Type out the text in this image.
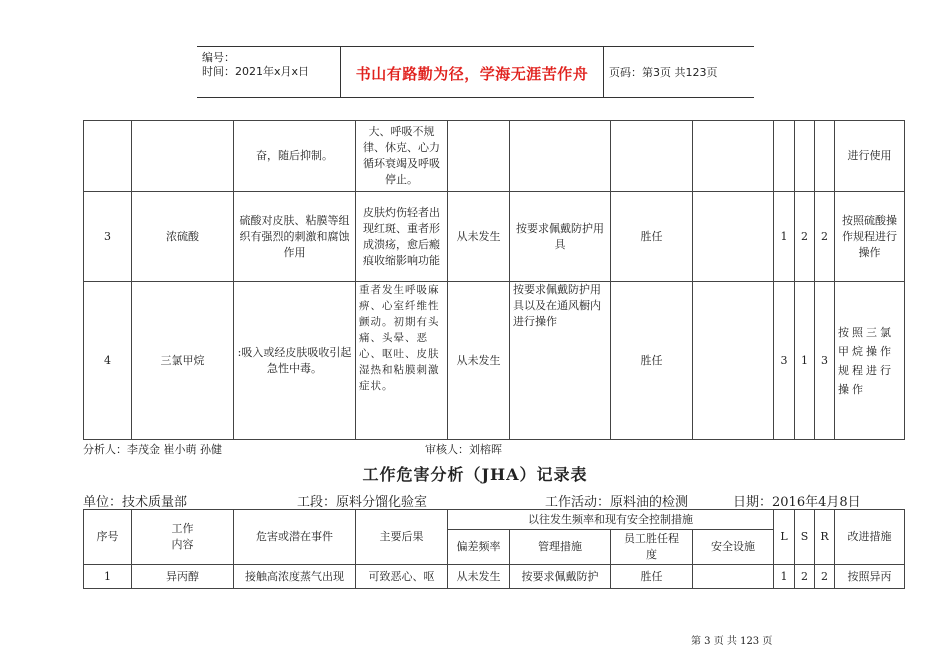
编号：
时间：2021年x月x日	书山有路勤为径，学海无涯苦作舟	页码：第3页 共123页
		奋，随后抑制。	大、呼吸不规律、休克、心力循环衰竭及呼吸停止。								进行使用
3	浓硫酸	硫酸对皮肤、粘膜等组织有强烈的刺激和腐蚀作用	皮肤灼伤轻者出现红斑、重者形成溃疡，愈后瘢痕收缩影响功能	从未发生	按要求佩戴防护用具	胜任		1	2	2	按照硫酸操作规程进行操作
4	三氯甲烷	:吸入或经皮肤吸收引起急性中毒。	重者发生呼吸麻痹、心室纤维性颤动。初期有头痛、头晕、恶心、呕吐、皮肤湿热和粘膜刺激症状。	从未发生	按要求佩戴防护用具以及在通风橱内进行操作	胜任		3	1	3	按照三氯甲烷操作规程进行操作
分析人：李茂金 崔小萌 孙健	审核人：刘榕晖
工作危害分析（JHA）记录表
单位：技术质量部	工段：原料分馏化验室	工作活动：原料油的检测	日期：2016年4月8日
序号	工作内容	危害或潜在事件	主要后果	以往发生频率和现有安全控制措施				L	S	R	改进措施
				偏差频率	管理措施	员工胜任程度	安全设施				
1	异丙醇	接触高浓度蒸气出现	可致恶心、呕	从未发生	按要求佩戴防护	胜任		1	2	2	按照异丙
第 3 页 共 123 页
